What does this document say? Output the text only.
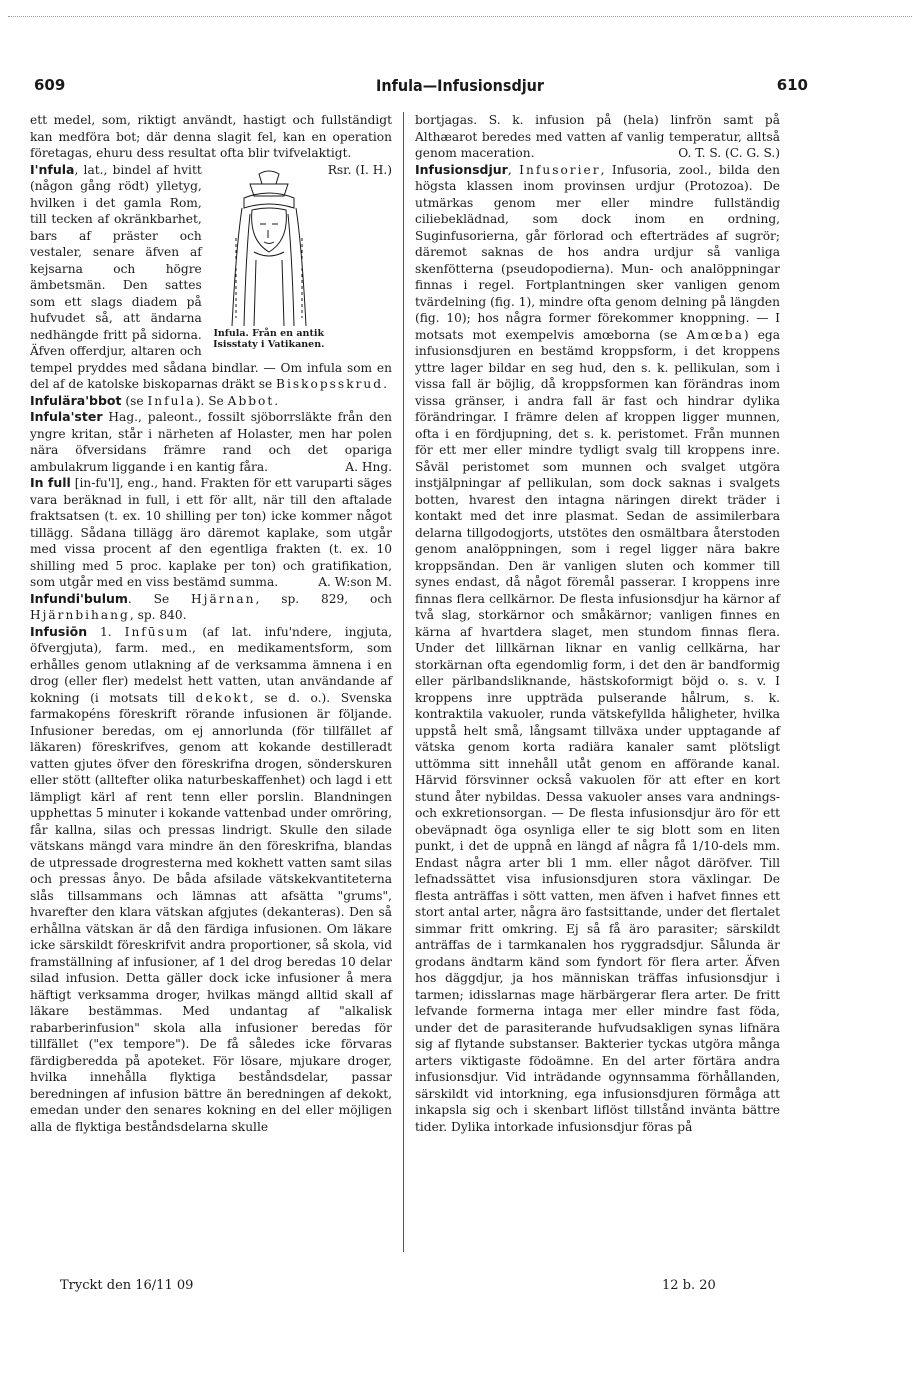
609	Infula—Infusionsdjur	610

ett medel, som, riktigt användt, hastigt och fullständigt kan medföra bot; där denna slagit fel, kan en operation företagas, ehuru dess resultat ofta blir tvifvelaktigt.
Rsr. (I. H.)

Infula. Från en antik Isisstaty i Vatikanen.

I'nfula, lat., bindel af hvitt (någon gång rödt) ylletyg, hvilken i det gamla Rom, till tecken af okränkbarhet, bars af präster och vestaler, senare äfven af kejsarna och högre ämbetsmän. Den sattes som ett slags diadem på hufvudet så, att ändarna nedhängde fritt på sidorna. Äfven offerdjur, altaren och tempel pryddes med sådana bindlar. — Om infula som en del af de katolske biskoparnas dräkt se Biskopsskrud.

Infulära'bbot (se Infula). Se Abbot.

Infula'ster Hag., paleont., fossilt sjöborrsläkte från den yngre kritan, står i närheten af Holaster, men har polen nära öfversidans främre rand och det opariga ambulakrum liggande i en kantig fåra.	A. Hng.

In full [in-fu'l], eng., hand. Frakten för ett varuparti säges vara beräknad in full, i ett för allt, när till den aftalade fraktsatsen (t. ex. 10 shilling per ton) icke kommer något tillägg. Sådana tillägg äro däremot kaplake, som utgår med vissa procent af den egentliga frakten (t. ex. 10 shilling med 5 proc. kaplake per ton) och gratifikation, som utgår med en viss bestämd summa.	A. W:son M.

Infundi'bulum. Se Hjärnan, sp. 829, och Hjärnbihang, sp. 840.

Infusiōn 1. Infūsum (af lat. infu'ndere, ingjuta, öfvergjuta), farm. med., en medikamentsform, som erhålles genom utlakning af de verksamma ämnena i en drog (eller fler) medelst hett vatten, utan användande af kokning (i motsats till dekokt, se d. o.). Svenska farmakopéns föreskrift rörande infusionen är följande. Infusioner beredas, om ej annorlunda (för tillfället af läkaren) föreskrifves, genom att kokande destilleradt vatten gjutes öfver den föreskrifna drogen, sönderskuren eller stött (alltefter olika naturbeskaffenhet) och lagd i ett lämpligt kärl af rent tenn eller porslin. Blandningen upphettas 5 minuter i kokande vattenbad under omröring, får kallna, silas och pressas lindrigt. Skulle den silade vätskans mängd vara mindre än den föreskrifna, blandas de utpressade drogresterna med kokhett vatten samt silas och pressas ånyo. De båda afsilade vätskekvantiteterna slås tillsammans och lämnas att afsätta "grums", hvarefter den klara vätskan afgjutes (dekanteras). Den så erhållna vätskan är då den färdiga infusionen. Om läkare icke särskildt föreskrifvit andra proportioner, så skola, vid framställning af infusioner, af 1 del drog beredas 10 delar silad infusion. Detta gäller dock icke infusioner å mera häftigt verksamma droger, hvilkas mängd alltid skall af läkare bestämmas. Med undantag af "alkalisk rabarberinfusion" skola alla infusioner beredas för tillfället ("ex tempore"). De få således icke förvaras färdigberedda på apoteket. För lösare, mjukare droger, hvilka innehålla flyktiga beståndsdelar, passar beredningen af infusion bättre än beredningen af dekokt, emedan under den senares kokning en del eller möjligen alla de flyktiga beståndsdelarna skulle

bortjagas. S. k. infusion på (hela) linfrön samt på Althæarot beredes med vatten af vanlig temperatur, alltså genom maceration.	O. T. S. (C. G. S.)

Infusionsdjur, Infusorier, Infusoria, zool., bilda den högsta klassen inom provinsen urdjur (Protozoa). De utmärkas genom mer eller mindre fullständig ciliebeklädnad, som dock inom en ordning, Suginfusorierna, går förlorad och efterträdes af sugrör; däremot saknas de hos andra urdjur så vanliga skenfötterna (pseudopodierna). Mun- och analöppningar finnas i regel. Fortplantningen sker vanligen genom tvärdelning (fig. 1), mindre ofta genom delning på längden (fig. 10); hos några former förekommer knoppning. — I motsats mot exempelvis amœborna (se Amœba) ega infusionsdjuren en bestämd kroppsform, i det kroppens yttre lager bildar en seg hud, den s. k. pellikulan, som i vissa fall är böjlig, då kroppsformen kan förändras inom vissa gränser, i andra fall är fast och hindrar dylika förändringar. I främre delen af kroppen ligger munnen, ofta i en fördjupning, det s. k. peristomet. Från munnen för ett mer eller mindre tydligt svalg till kroppens inre. Såväl peristomet som munnen och svalget utgöra instjälpningar af pellikulan, som dock saknas i svalgets botten, hvarest den intagna näringen direkt träder i kontakt med det inre plasmat. Sedan de assimilerbara delarna tillgodogjorts, utstötes den osmältbara återstoden genom analöppningen, som i regel ligger nära bakre kroppsändan. Den är vanligen sluten och kommer till synes endast, då något föremål passerar. I kroppens inre finnas flera cellkärnor. De flesta infusionsdjur ha kärnor af två slag, storkärnor och småkärnor; vanligen finnes en kärna af hvartdera slaget, men stundom finnas flera. Under det lillkärnan liknar en vanlig cellkärna, har storkärnan ofta egendomlig form, i det den är bandformig eller pärlbandsliknande, hästskoformigt böjd o. s. v. I kroppens inre uppträda pulserande hålrum, s. k. kontraktila vakuoler, runda vätskefyllda håligheter, hvilka uppstå helt små, långsamt tillväxa under upptagande af vätska genom korta radiära kanaler samt plötsligt uttömma sitt innehåll utåt genom en afförande kanal. Härvid försvinner också vakuolen för att efter en kort stund åter nybildas. Dessa vakuoler anses vara andnings- och exkretionsorgan. — De flesta infusionsdjur äro för ett obeväpnadt öga osynliga eller te sig blott som en liten punkt, i det de uppnå en längd af några få 1/10-dels mm. Endast några arter bli 1 mm. eller något däröfver. Till lefnadssättet visa infusionsdjuren stora växlingar. De flesta anträffas i sött vatten, men äfven i hafvet finnes ett stort antal arter, några äro fastsittande, under det flertalet simmar fritt omkring. Ej så få äro parasiter; särskildt anträffas de i tarmkanalen hos ryggradsdjur. Sålunda är grodans ändtarm känd som fyndort för flera arter. Äfven hos däggdjur, ja hos människan träffas infusionsdjur i tarmen; idisslarnas mage härbärgerar flera arter. De fritt lefvande formerna intaga mer eller mindre fast föda, under det de parasiterande hufvudsakligen synas lifnära sig af flytande substanser. Bakterier tyckas utgöra många arters viktigaste födoämne. En del arter förtära andra infusionsdjur. Vid inträdande ogynnsamma förhållanden, särskildt vid intorkning, ega infusionsdjuren förmåga att inkapsla sig och i skenbart liflöst tillstånd invänta bättre tider. Dylika intorkade infusionsdjur föras på

Tryckt den 16/11 09	12 b. 20
